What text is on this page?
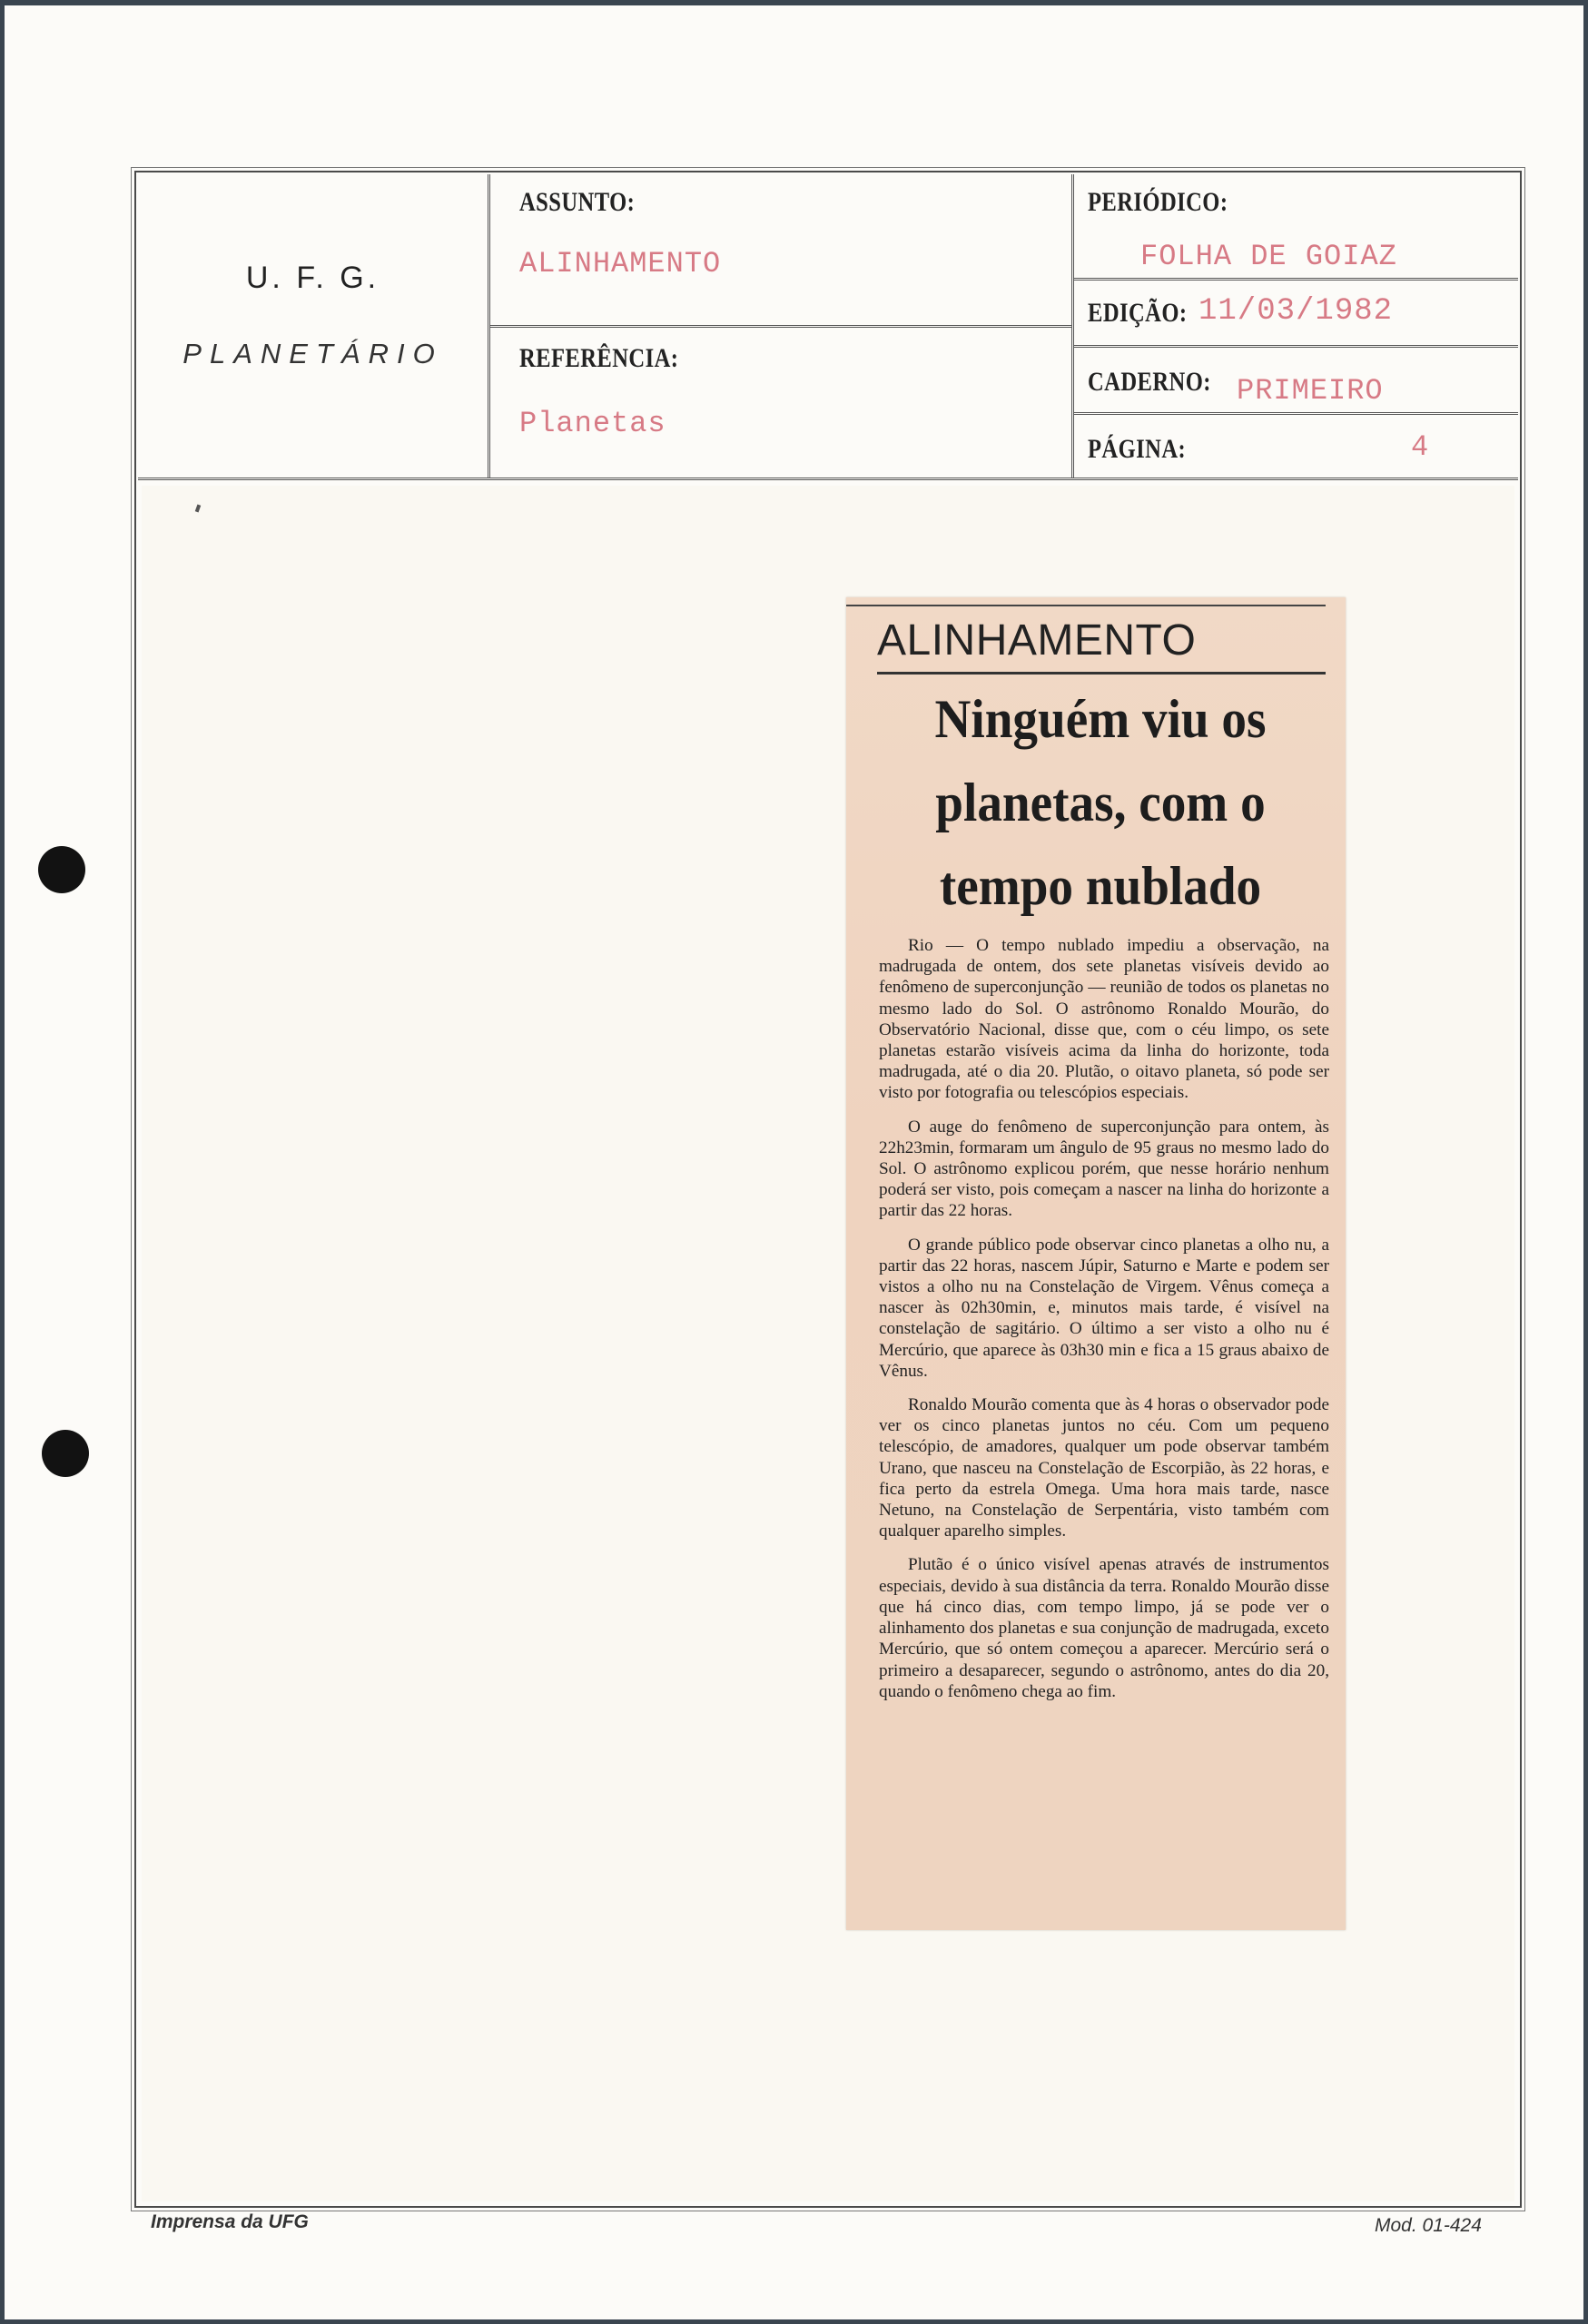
U. F. G.
PLANETÁRIO
ASSUNTO:
ALINHAMENTO
REFERÊNCIA:
Planetas
PERIÓDICO:
FOLHA DE GOIAZ
EDIÇÃO: 11/03/1982
CADERNO: PRIMEIRO
PÁGINA:	4
ALINHAMENTO
Ninguém viu os
planetas, com o
tempo nublado

Rio — O tempo nublado impediu a observação, na madrugada de ontem, dos sete planetas visíveis devido ao fenômeno de superconjunção — reunião de todos os planetas no mesmo lado do Sol. O astrônomo Ronaldo Mourão, do Observatório Nacional, disse que, com o céu limpo, os sete planetas estarão visíveis acima da linha do horizonte, toda madrugada, até o dia 20. Plutão, o oitavo planeta, só pode ser visto por fotografia ou telescópios especiais.

O auge do fenômeno de superconjunção para ontem, às 22h23min, formaram um ângulo de 95 graus no mesmo lado do Sol. O astrônomo explicou porém, que nesse horário nenhum poderá ser visto, pois começam a nascer na linha do horizonte a partir das 22 horas.

O grande público pode observar cinco planetas a olho nu, a partir das 22 horas, nascem Júpir, Saturno e Marte e podem ser vistos a olho nu na Constelação de Virgem. Vênus começa a nascer às 02h30min, e, minutos mais tarde, é visível na constelação de sagitário. O último a ser visto a olho nu é Mercúrio, que aparece às 03h30 min e fica a 15 graus abaixo de Vênus.

Ronaldo Mourão comenta que às 4 horas o observador pode ver os cinco planetas juntos no céu. Com um pequeno telescópio, de amadores, qualquer um pode observar também Urano, que nasceu na Constelação de Escorpião, às 22 horas, e fica perto da estrela Omega. Uma hora mais tarde, nasce Netuno, na Constelação de Serpentária, visto também com qualquer aparelho simples.

Plutão é o único visível apenas através de instrumentos especiais, devido à sua distância da terra. Ronaldo Mourão disse que há cinco dias, com tempo limpo, já se pode ver o alinhamento dos planetas e sua conjunção de madrugada, exceto Mercúrio, que só ontem começou a aparecer. Mercúrio será o primeiro a desaparecer, segundo o astrônomo, antes do dia 20, quando o fenômeno chega ao fim.

Imprensa da UFG	Mod. 01-424
